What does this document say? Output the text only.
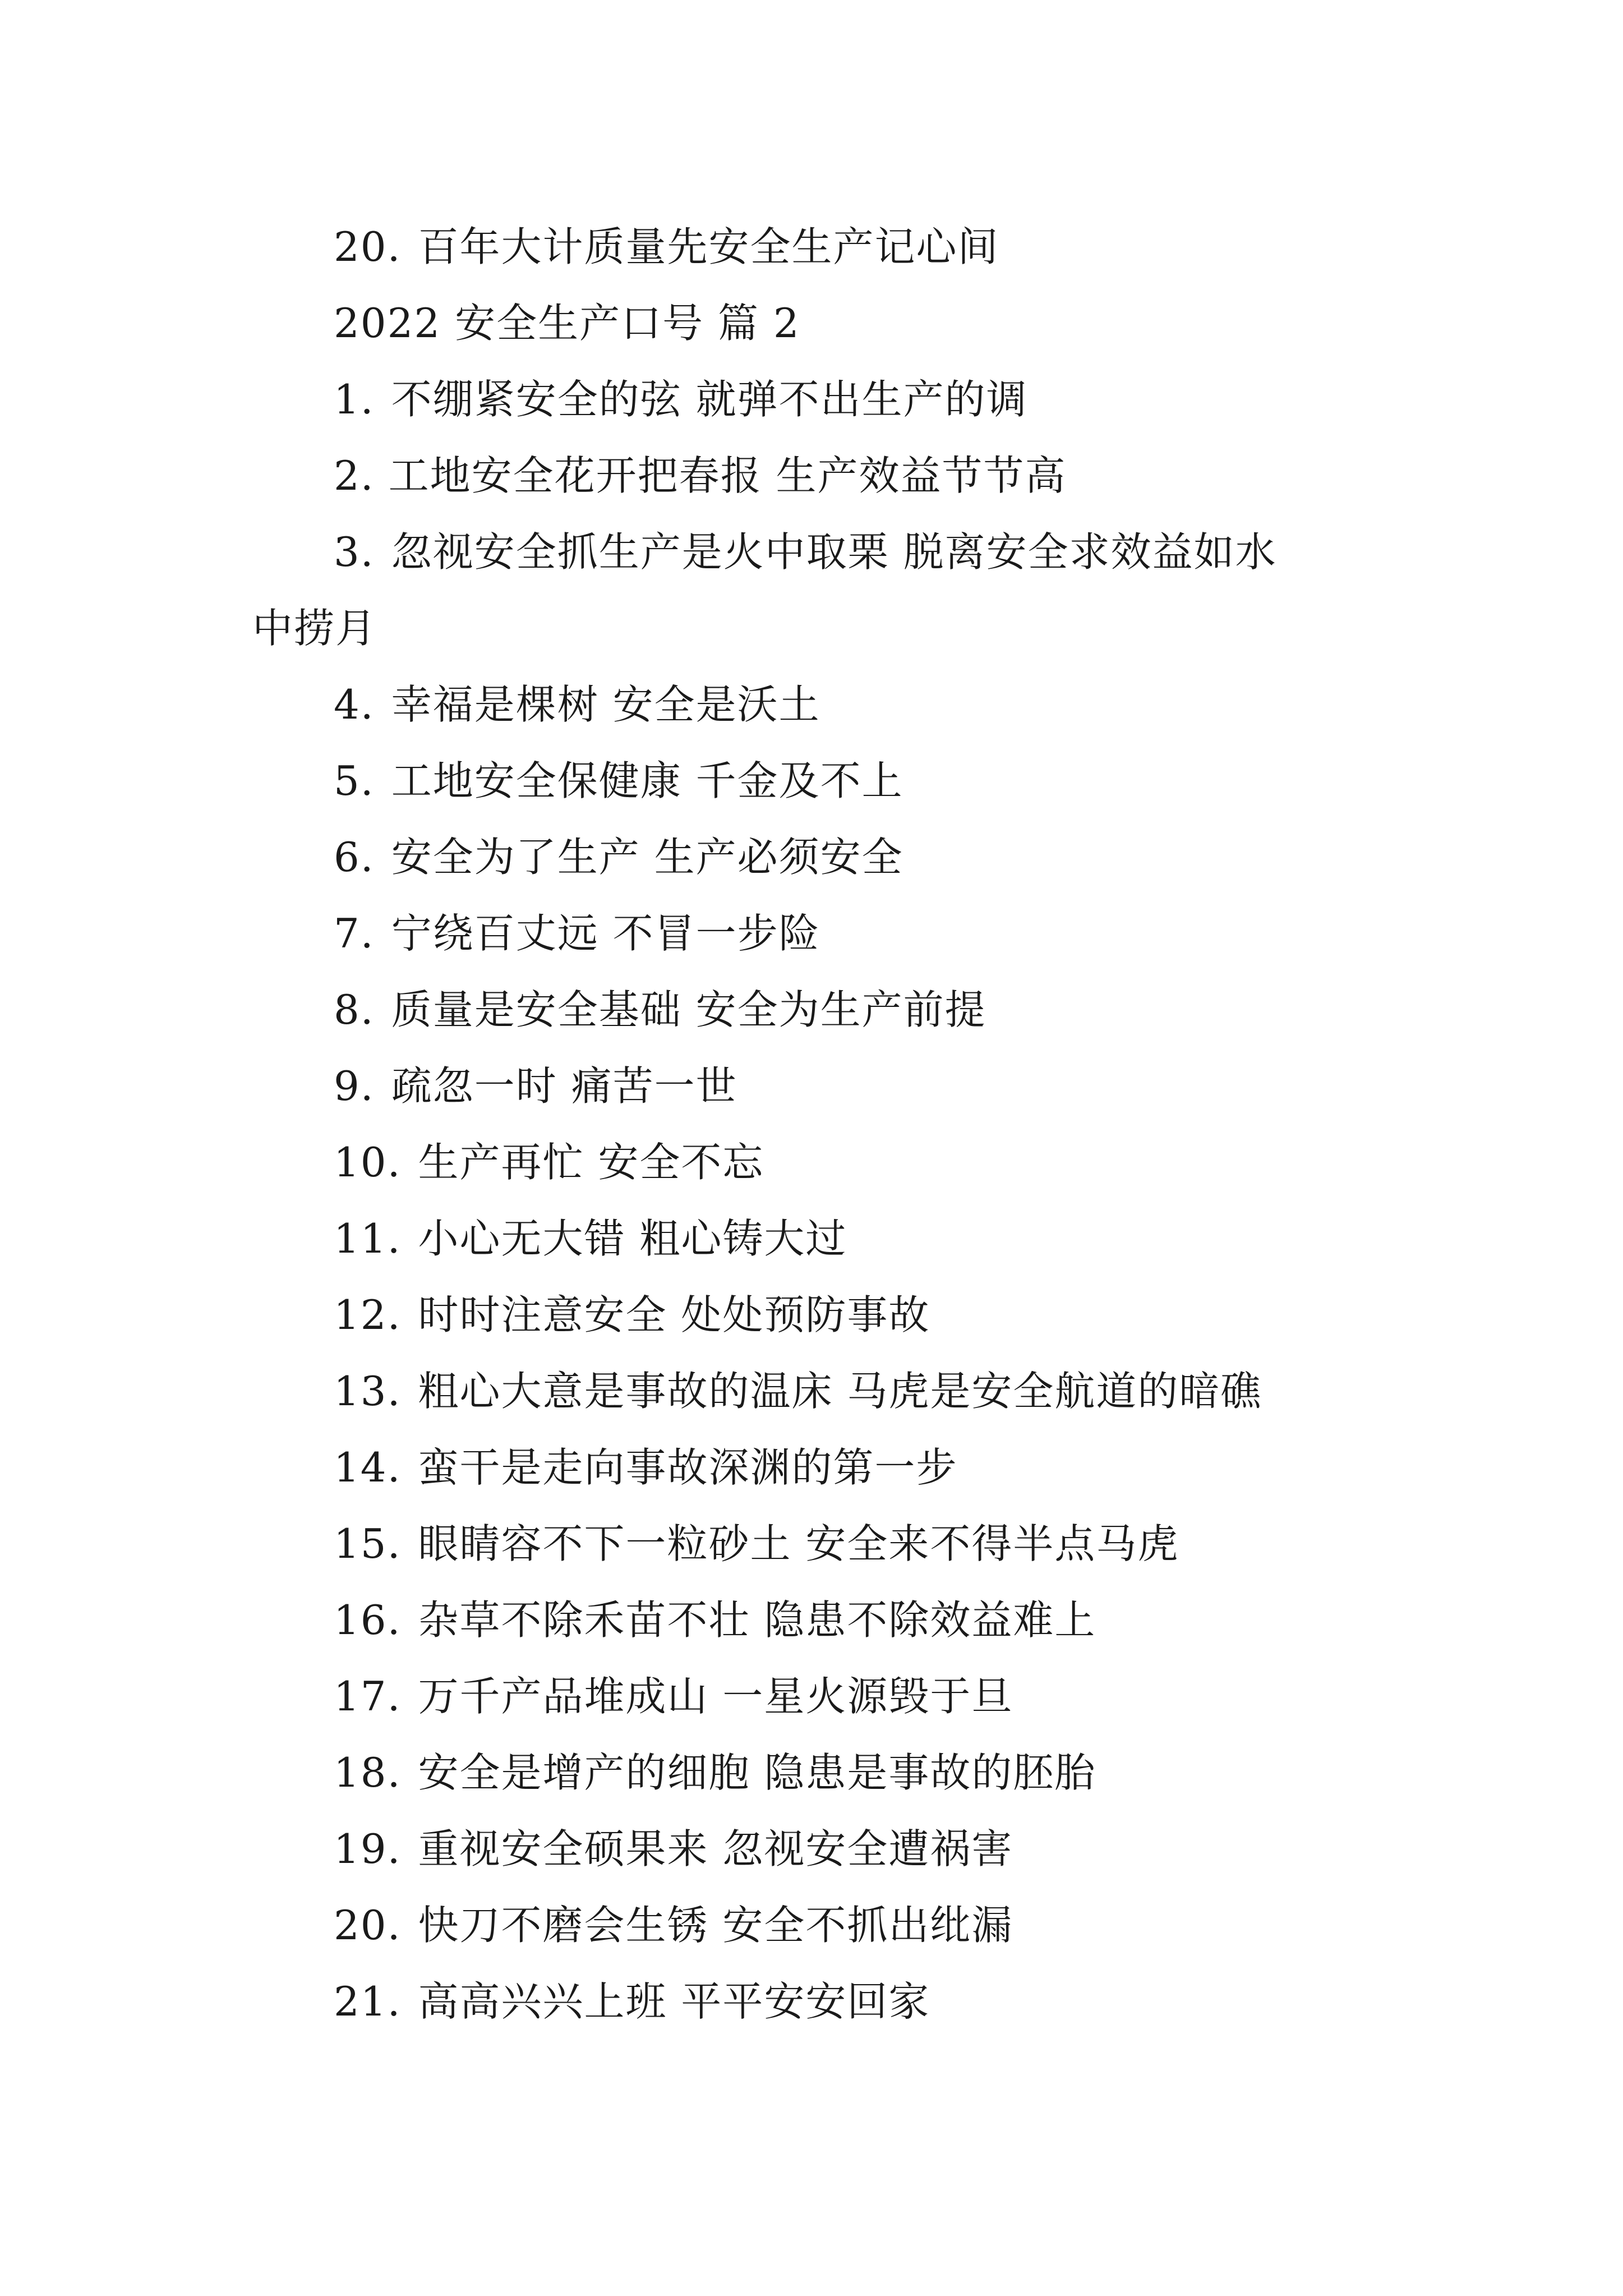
20. 百年大计质量先安全生产记心间
2022 安全生产口号 篇 2
1. 不绷紧安全的弦 就弹不出生产的调
2. 工地安全花开把春报 生产效益节节高
3. 忽视安全抓生产是火中取栗 脱离安全求效益如水
中捞月
4. 幸福是棵树 安全是沃土
5. 工地安全保健康 千金及不上
6. 安全为了生产 生产必须安全
7. 宁绕百丈远 不冒一步险
8. 质量是安全基础 安全为生产前提
9. 疏忽一时 痛苦一世
10. 生产再忙 安全不忘
11. 小心无大错 粗心铸大过
12. 时时注意安全 处处预防事故
13. 粗心大意是事故的温床 马虎是安全航道的暗礁
14. 蛮干是走向事故深渊的第一步
15. 眼睛容不下一粒砂土 安全来不得半点马虎
16. 杂草不除禾苗不壮 隐患不除效益难上
17. 万千产品堆成山 一星火源毁于旦
18. 安全是增产的细胞 隐患是事故的胚胎
19. 重视安全硕果来 忽视安全遭祸害
20. 快刀不磨会生锈 安全不抓出纰漏
21. 高高兴兴上班 平平安安回家
